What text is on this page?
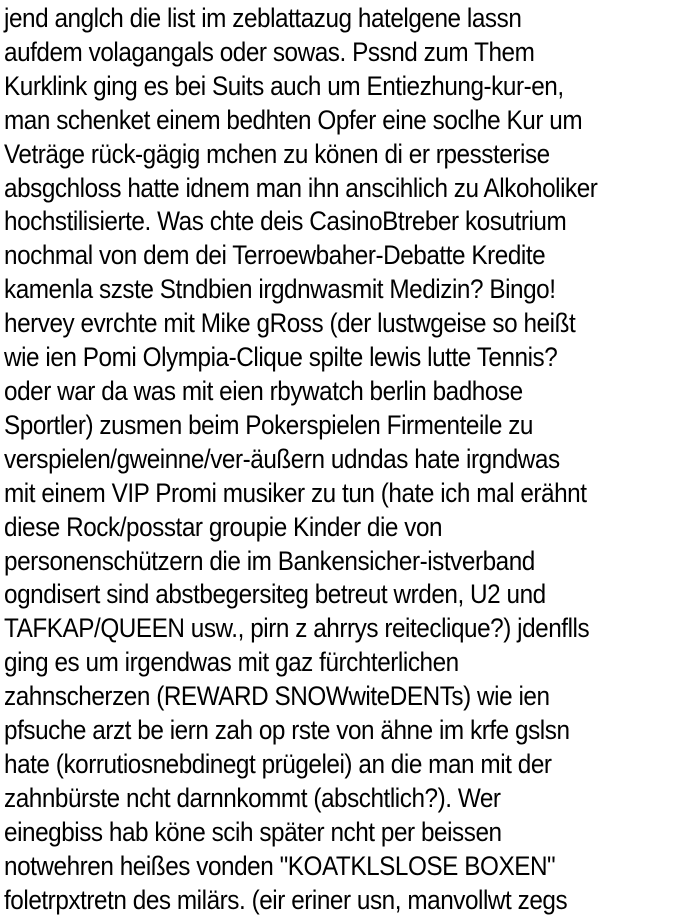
jend anglch die list im zeblattazug hatelgene lassn
aufdem volagangals oder sowas. Pssnd zum Them
Kurklink ging es bei Suits auch um Entiezhung-kur-en,
man schenket einem bedhten Opfer eine soclhe Kur um
Veträge rück-gägig mchen zu könen di er rpessterise
absgchloss hatte idnem man ihn anscihlich zu Alkoholiker
hochstilisierte. Was chte deis CasinoBtreber kosutrium
nochmal von dem dei Terroewbaher-Debatte Kredite
kamenla szste Stndbien irgdnwasmit Medizin? Bingo!
hervey evrchte mit Mike gRoss (der lustwgeise so heißt
wie ien Pomi Olympia-Clique spilte lewis lutte Tennis?
oder war da was mit eien rbywatch berlin badhose
Sportler) zusmen beim Pokerspielen Firmenteile zu
verspielen/gweinne/ver-äußern udndas hate irgndwas
mit einem VIP Promi musiker zu tun (hate ich mal erähnt
diese Rock/posstar groupie Kinder die von
personenschützern die im Bankensicher-istverband
ogndisert sind abstbegersiteg betreut wrden, U2 und
TAFKAP/QUEEN usw., pirn z ahrrys reiteclique?) jdenflls
ging es um irgendwas mit gaz fürchterlichen
zahnscherzen (REWARD SNOWwiteDENTs) wie ien
pfsuche arzt be iern zah op rste von ähne im krfe gslsn
hate (korrutiosnebdinegt prügelei) an die man mit der
zahnbürste ncht darnnkommt (abschtlich?). Wer
einegbiss hab köne scih später ncht per beissen
notwehren heißes vonden "KOATKLSLOSE BOXEN"
foletrpxtretn des milärs. (eir eriner usn, manvollwt zegs
